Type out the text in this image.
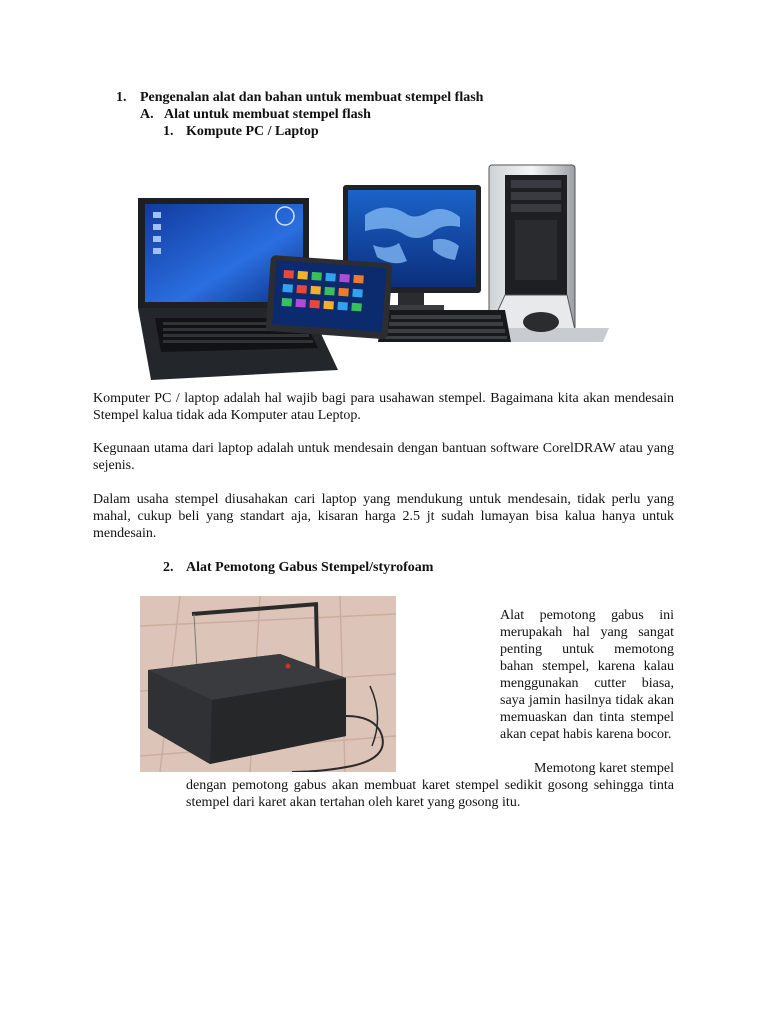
1. Pengenalan alat dan bahan untuk membuat stempel flash
A. Alat untuk membuat stempel flash
1. Kompute PC / Laptop
Komputer PC / laptop adalah hal wajib bagi para usahawan stempel. Bagaimana kita akan mendesain Stempel kalua tidak ada Komputer atau Leptop.
Kegunaan utama dari laptop adalah untuk mendesain dengan bantuan software CorelDRAW atau yang sejenis.
Dalam usaha stempel diusahakan cari laptop yang mendukung untuk mendesain, tidak perlu yang mahal, cukup beli yang standart aja, kisaran harga 2.5 jt sudah lumayan bisa kalua hanya untuk mendesain.
2. Alat Pemotong Gabus Stempel/styrofoam
Alat pemotong gabus ini merupakah hal yang sangat penting untuk memotong bahan stempel, karena kalau menggunakan cutter biasa, saya jamin hasilnya tidak akan memuaskan dan tinta stempel akan cepat habis karena bocor.
Memotong karet stempel
dengan pemotong gabus akan membuat karet stempel sedikit gosong sehingga tinta stempel dari karet akan tertahan oleh karet yang gosong itu.
